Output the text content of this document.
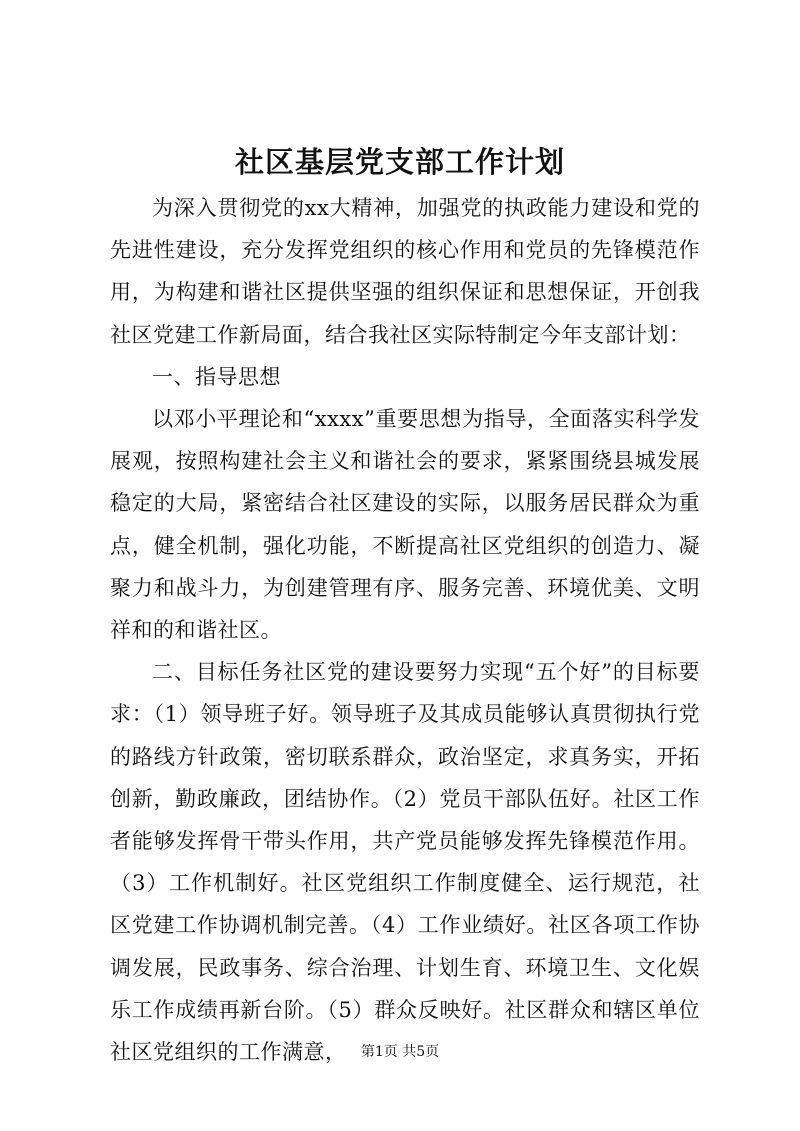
社区基层党支部工作计划

为深入贯彻党的xx大精神，加强党的执政能力建设和党的先进性建设，充分发挥党组织的核心作用和党员的先锋模范作用，为构建和谐社区提供坚强的组织保证和思想保证，开创我社区党建工作新局面，结合我社区实际特制定今年支部计划：

一、指导思想

以邓小平理论和“xxxx”重要思想为指导，全面落实科学发展观，按照构建社会主义和谐社会的要求，紧紧围绕县城发展稳定的大局，紧密结合社区建设的实际，以服务居民群众为重点，健全机制，强化功能，不断提高社区党组织的创造力、凝聚力和战斗力，为创建管理有序、服务完善、环境优美、文明祥和的和谐社区。

二、目标任务社区党的建设要努力实现“五个好”的目标要求：（1）领导班子好。领导班子及其成员能够认真贯彻执行党的路线方针政策，密切联系群众，政治坚定，求真务实，开拓创新，勤政廉政，团结协作。（2）党员干部队伍好。社区工作者能够发挥骨干带头作用，共产党员能够发挥先锋模范作用。（3）工作机制好。社区党组织工作制度健全、运行规范，社区党建工作协调机制完善。（4）工作业绩好。社区各项工作协调发展，民政事务、综合治理、计划生育、环境卫生、文化娱乐工作成绩再新台阶。（5）群众反映好。社区群众和辖区单位社区党组织的工作满意，	第1页 共5页
